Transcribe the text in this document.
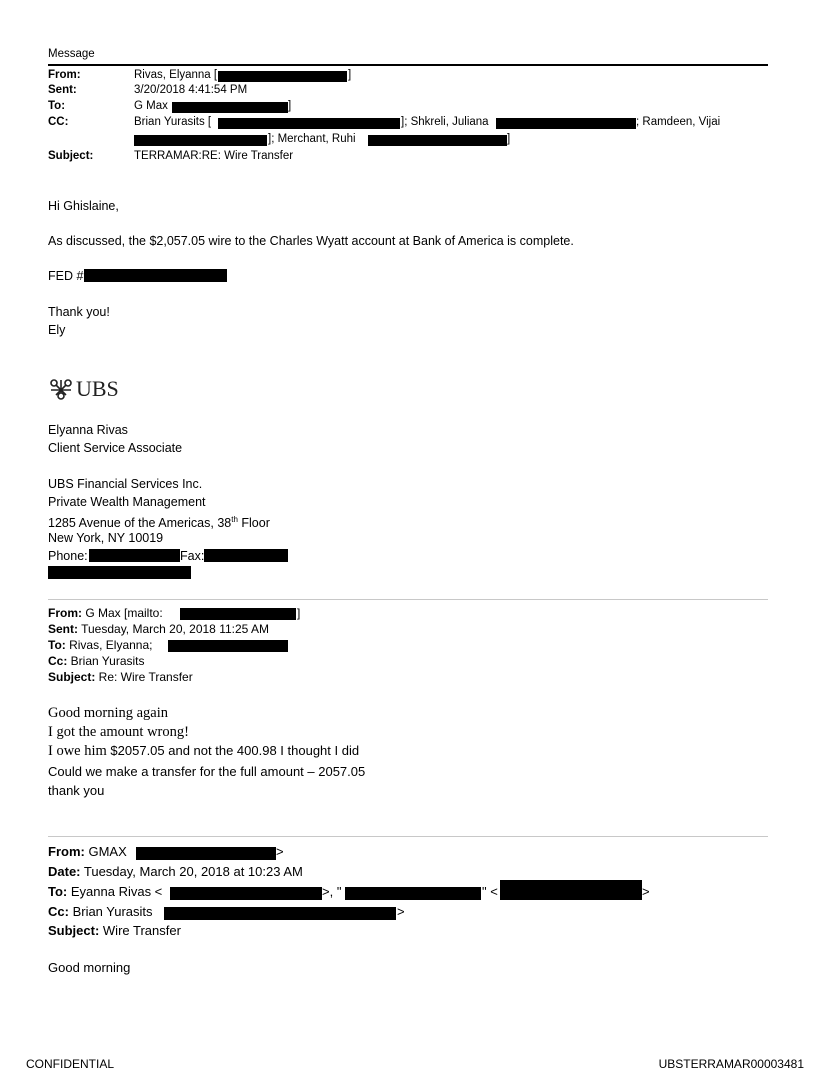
Message
From:	Rivas, Elyanna [	]
Sent:	3/20/2018 4:41:54 PM
To:	G Max	]
CC:	Brian Yurasits [	]; Shkreli, Juliana	; Ramdeen, Vijai
]; Merchant, Ruhi	]
Subject:	TERRAMAR:RE: Wire Transfer
Hi Ghislaine,
As discussed, the $2,057.05 wire to the Charles Wyatt account at Bank of America is complete.
FED #
Thank you!
Ely
UBS
Elyanna Rivas
Client Service Associate
UBS Financial Services Inc.
Private Wealth Management
1285 Avenue of the Americas, 38th Floor
New York, NY 10019
Phone:	Fax:
From: G Max [mailto:	]
Sent: Tuesday, March 20, 2018 11:25 AM
To: Rivas, Elyanna;
Cc: Brian Yurasits
Subject: Re: Wire Transfer
Good morning again
I got the amount wrong!
I owe him $2057.05 and not the 400.98 I thought I did
Could we make a transfer for the full amount – 2057.05
thank you
From: GMAX	>
Date: Tuesday, March 20, 2018 at 10:23 AM
To: Eyanna Rivas <	>, "	" <	>
Cc: Brian Yurasits	>
Subject: Wire Transfer
Good morning
CONFIDENTIAL	UBSTERRAMAR00003481
